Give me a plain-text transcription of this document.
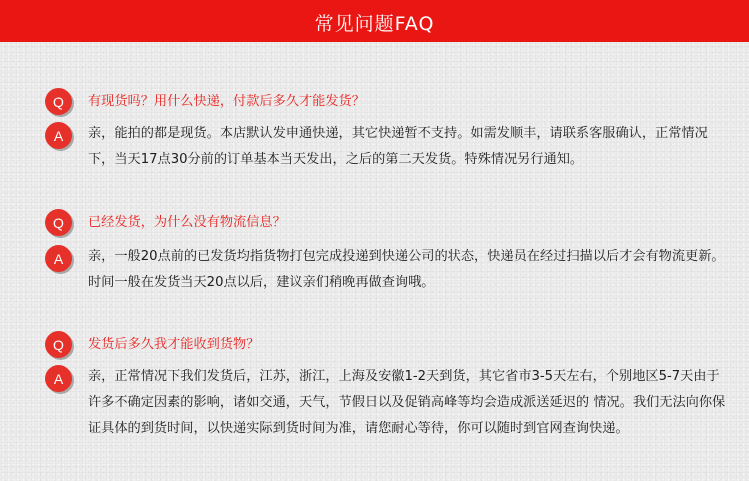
常见问题FAQ
Q	有现货吗？用什么快递，付款后多久才能发货？
A	亲，能拍的都是现货。本店默认发申通快递，其它快递暂不支持。如需发顺丰，请联系客服确认，正常情况下，当天17点30分前的订单基本当天发出，之后的第二天发货。特殊情况另行通知。
Q	已经发货，为什么没有物流信息？
A	亲，一般20点前的已发货均指货物打包完成投递到快递公司的状态，快递员在经过扫描以后才会有物流更新。时间一般在发货当天20点以后，建议亲们稍晚再做查询哦。
Q	发货后多久我才能收到货物？
A	亲，正常情况下我们发货后，江苏，浙江，上海及安徽1-2天到货，其它省市3-5天左右，个别地区5-7天由于许多不确定因素的影响，诸如交通，天气，节假日以及促销高峰等均会造成派送延迟的 情况。我们无法向你保证具体的到货时间，以快递实际到货时间为准，请您耐心等待，你可以随时到官网查询快递。
